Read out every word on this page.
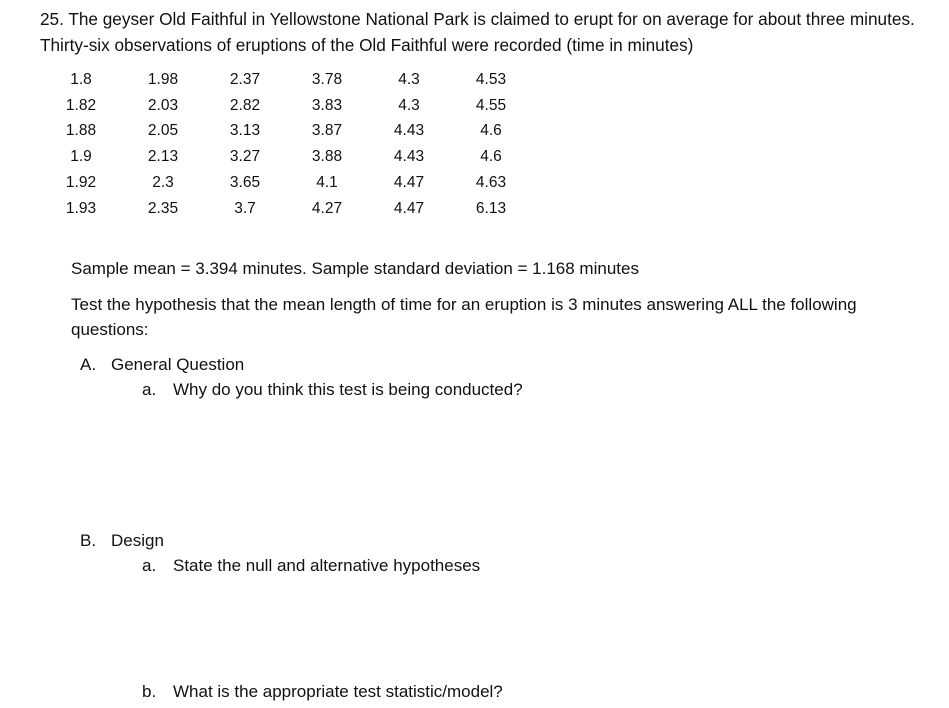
25. The geyser Old Faithful in Yellowstone National Park is claimed to erupt for on average for about three minutes. Thirty-six observations of eruptions of the Old Faithful were recorded (time in minutes)
1.8	1.98	2.37	3.78	4.3	4.53
1.82	2.03	2.82	3.83	4.3	4.55
1.88	2.05	3.13	3.87	4.43	4.6
1.9	2.13	3.27	3.88	4.43	4.6
1.92	2.3	3.65	4.1	4.47	4.63
1.93	2.35	3.7	4.27	4.47	6.13
Sample mean = 3.394 minutes. Sample standard deviation = 1.168 minutes
Test the hypothesis that the mean length of time for an eruption is 3 minutes answering ALL the following questions:
A. General Question
a. Why do you think this test is being conducted?
B. Design
a. State the null and alternative hypotheses
b. What is the appropriate test statistic/model?
